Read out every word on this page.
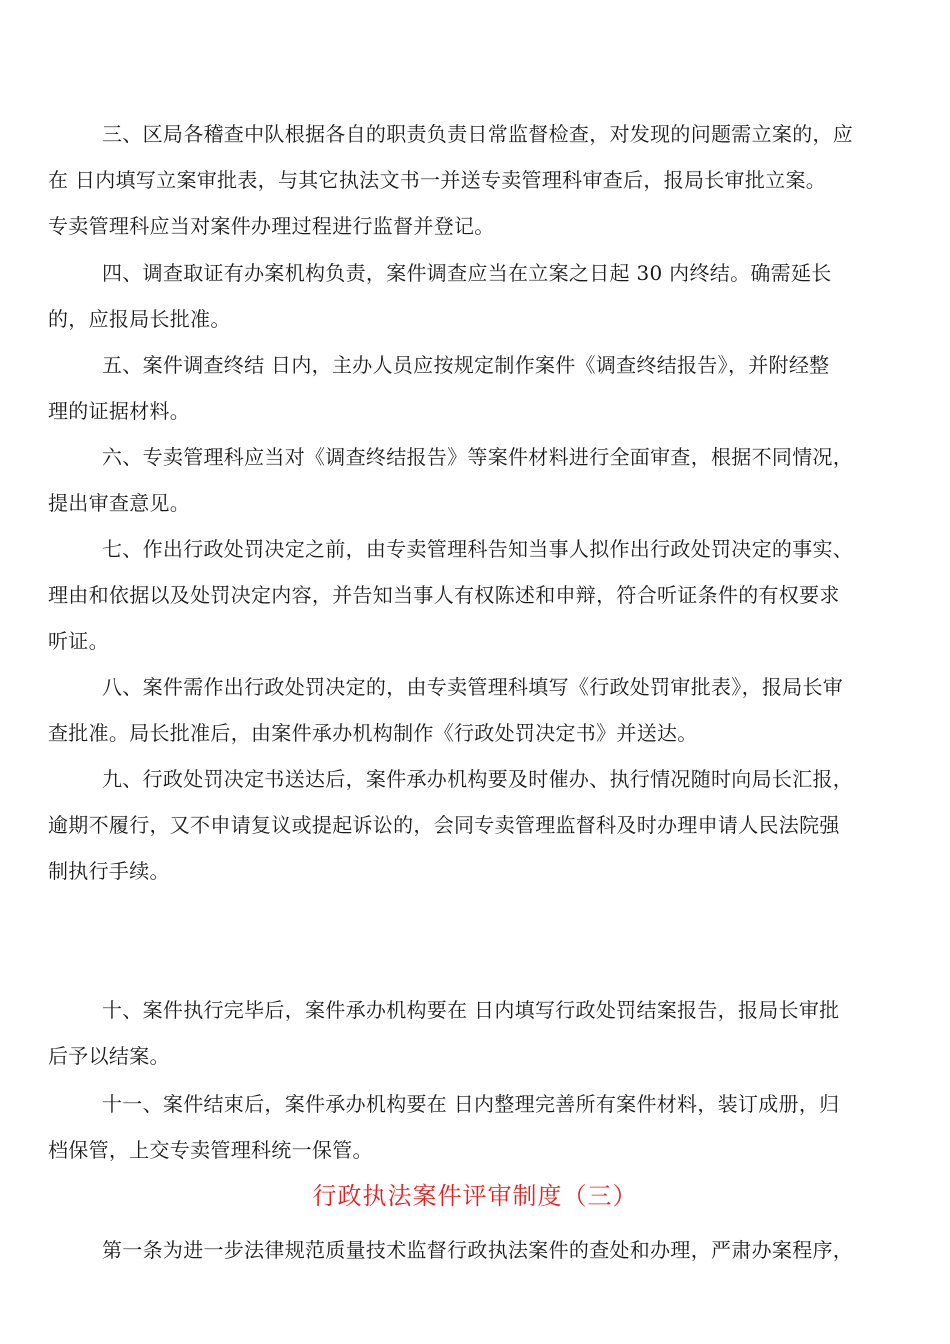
三、区局各稽查中队根据各自的职责负责日常监督检查，对发现的问题需立案的，应
在 日内填写立案审批表，与其它执法文书一并送专卖管理科审查后，报局长审批立案。
专卖管理科应当对案件办理过程进行监督并登记。
四、调查取证有办案机构负责，案件调查应当在立案之日起 30 内终结。确需延长
的，应报局长批准。
五、案件调查终结 日内，主办人员应按规定制作案件《调查终结报告》，并附经整
理的证据材料。
六、专卖管理科应当对《调查终结报告》等案件材料进行全面审查，根据不同情况，
提出审查意见。
七、作出行政处罚决定之前，由专卖管理科告知当事人拟作出行政处罚决定的事实、
理由和依据以及处罚决定内容，并告知当事人有权陈述和申辩，符合听证条件的有权要求
听证。
八、案件需作出行政处罚决定的，由专卖管理科填写《行政处罚审批表》，报局长审
查批准。局长批准后，由案件承办机构制作《行政处罚决定书》并送达。
九、行政处罚决定书送达后，案件承办机构要及时催办、执行情况随时向局长汇报，
逾期不履行，又不申请复议或提起诉讼的，会同专卖管理监督科及时办理申请人民法院强
制执行手续。
十、案件执行完毕后，案件承办机构要在 日内填写行政处罚结案报告，报局长审批
后予以结案。
十一、案件结束后，案件承办机构要在 日内整理完善所有案件材料，装订成册，归
档保管，上交专卖管理科统一保管。
行政执法案件评审制度（三）
第一条为进一步法律规范质量技术监督行政执法案件的查处和办理，严肃办案程序，
